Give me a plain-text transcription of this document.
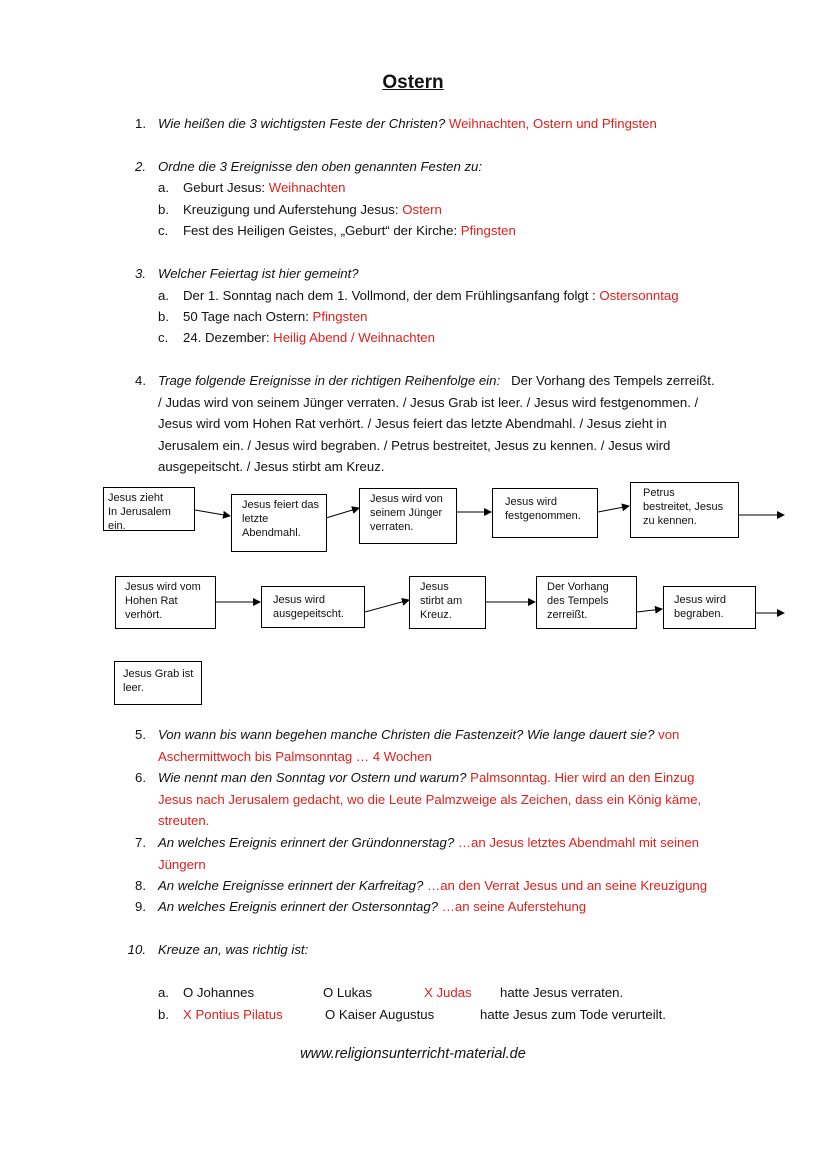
Ostern
1. Wie heißen die 3 wichtigsten Feste der Christen? Weihnachten, Ostern und Pfingsten
2. Ordne die 3 Ereignisse den oben genannten Festen zu:
a. Geburt Jesus: Weihnachten
b. Kreuzigung und Auferstehung Jesus: Ostern
c. Fest des Heiligen Geistes, „Geburt“ der Kirche: Pfingsten
3. Welcher Feiertag ist hier gemeint?
a. Der 1. Sonntag nach dem 1. Vollmond, der dem Frühlingsanfang folgt : Ostersonntag
b. 50 Tage nach Ostern: Pfingsten
c. 24. Dezember: Heilig Abend / Weihnachten
4. Trage folgende Ereignisse in der richtigen Reihenfolge ein: Der Vorhang des Tempels zerreißt.
/ Judas wird von seinem Jünger verraten. / Jesus Grab ist leer. / Jesus wird festgenommen. /
Jesus wird vom Hohen Rat verhört. / Jesus feiert das letzte Abendmahl. / Jesus zieht in
Jerusalem ein. / Jesus wird begraben. / Petrus bestreitet, Jesus zu kennen. / Jesus wird
ausgepeitscht. / Jesus stirbt am Kreuz.
Jesus zieht
In Jerusalem ein.
Jesus feiert das
letzte
Abendmahl.
Jesus wird von
seinem Jünger
verraten.
Jesus wird
festgenommen.
Petrus
bestreitet, Jesus
zu kennen.
Jesus wird vom
Hohen Rat
verhört.
Jesus wird
ausgepeitscht.
Jesus
stirbt am
Kreuz.
Der Vorhang
des Tempels
zerreißt.
Jesus wird
begraben.
Jesus Grab ist
leer.
5. Von wann bis wann begehen manche Christen die Fastenzeit? Wie lange dauert sie? von
Aschermittwoch bis Palmsonntag … 4 Wochen
6. Wie nennt man den Sonntag vor Ostern und warum? Palmsonntag. Hier wird an den Einzug
Jesus nach Jerusalem gedacht, wo die Leute Palmzweige als Zeichen, dass ein König käme,
streuten.
7. An welches Ereignis erinnert der Gründonnerstag? …an Jesus letztes Abendmahl mit seinen
Jüngern
8. An welche Ereignisse erinnert der Karfreitag? …an den Verrat Jesus und an seine Kreuzigung
9. An welches Ereignis erinnert der Ostersonntag? …an seine Auferstehung
10. Kreuze an, was richtig ist:
a. O Johannes	O Lukas	X Judas hatte Jesus verraten.
b. X Pontius Pilatus	O Kaiser Augustus	hatte Jesus zum Tode verurteilt.
www.religionsunterricht-material.de
